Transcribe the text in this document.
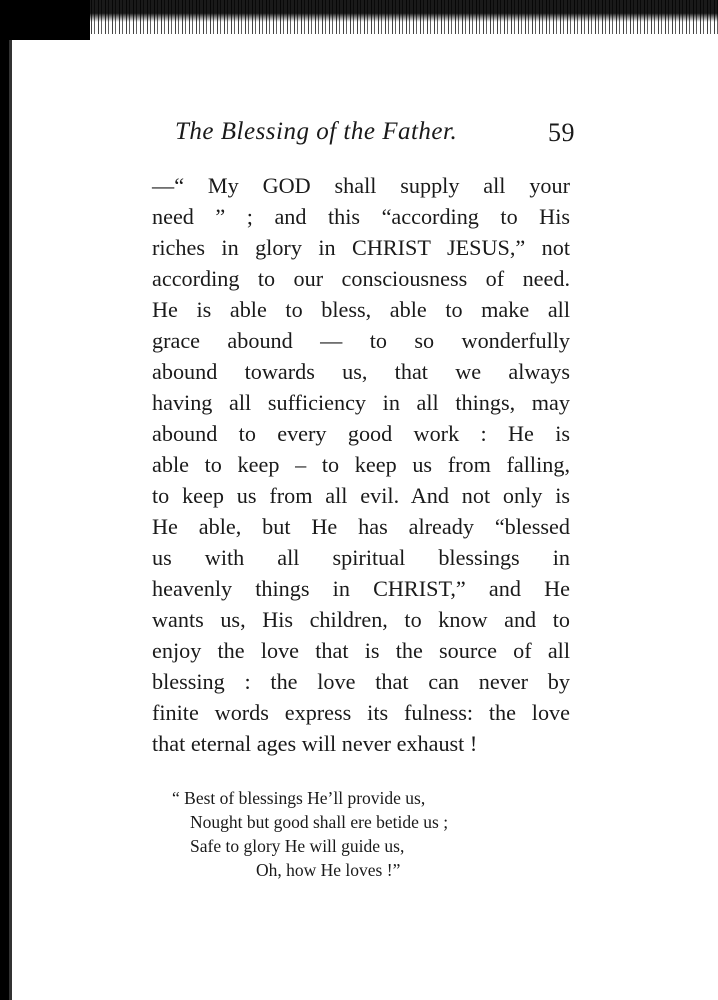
The Blessing of the Father.	59
—“ My GOD shall supply all your
need ” ; and this “according to His
riches in glory in CHRIST JESUS,” not
according to our consciousness of need.
He is able to bless, able to make all
grace abound — to so wonderfully
abound towards us, that we always
having all sufficiency in all things, may
abound to every good work : He is
able to keep – to keep us from falling,
to keep us from all evil. And not only is
He able, but He has already “blessed
us with all spiritual blessings in
heavenly things in CHRIST,” and He
wants us, His children, to know and to
enjoy the love that is the source of all
blessing : the love that can never by
finite words express its fulness: the love
that eternal ages will never exhaust !
“ Best of blessings He’ll provide us,
Nought but good shall ere betide us ;
Safe to glory He will guide us,
Oh, how He loves !”
